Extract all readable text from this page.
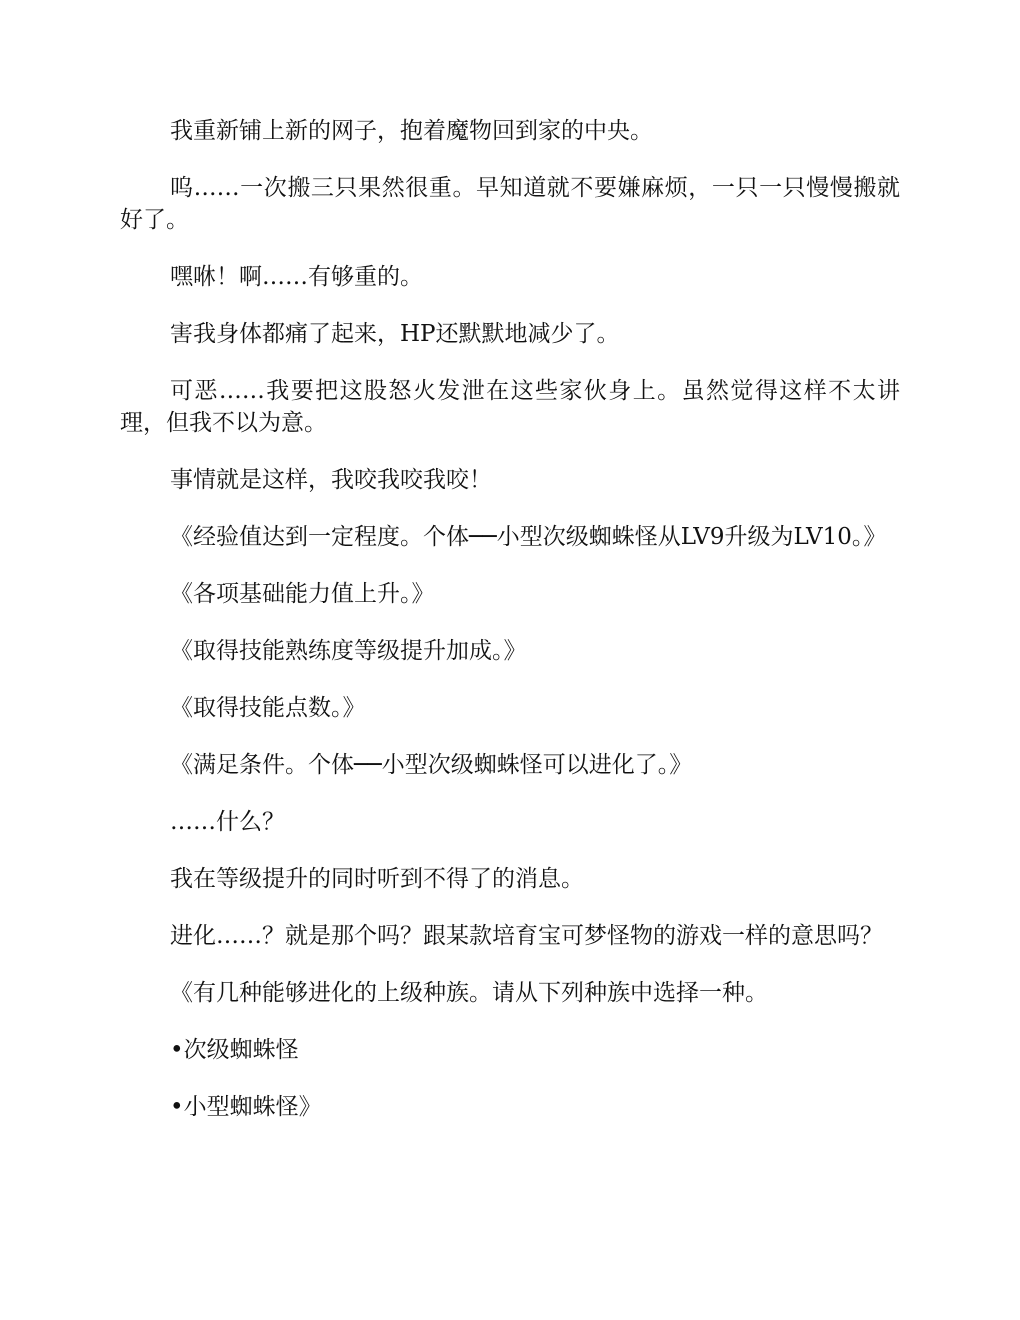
我重新铺上新的网子，抱着魔物回到家的中央。

呜……一次搬三只果然很重。早知道就不要嫌麻烦，一只一只慢慢搬就好了。

嘿咻！啊……有够重的。

害我身体都痛了起来，HP还默默地减少了。

可恶……我要把这股怒火发泄在这些家伙身上。虽然觉得这样不太讲理，但我不以为意。

事情就是这样，我咬我咬我咬！

《经验值达到一定程度。个体──小型次级蜘蛛怪从LV9升级为LV10。》

《各项基础能力值上升。》

《取得技能熟练度等级提升加成。》

《取得技能点数。》

《满足条件。个体──小型次级蜘蛛怪可以进化了。》

……什么？

我在等级提升的同时听到不得了的消息。

进化……？就是那个吗？跟某款培育宝可梦怪物的游戏一样的意思吗？

《有几种能够进化的上级种族。请从下列种族中选择一种。

•次级蜘蛛怪

•小型蜘蛛怪》
